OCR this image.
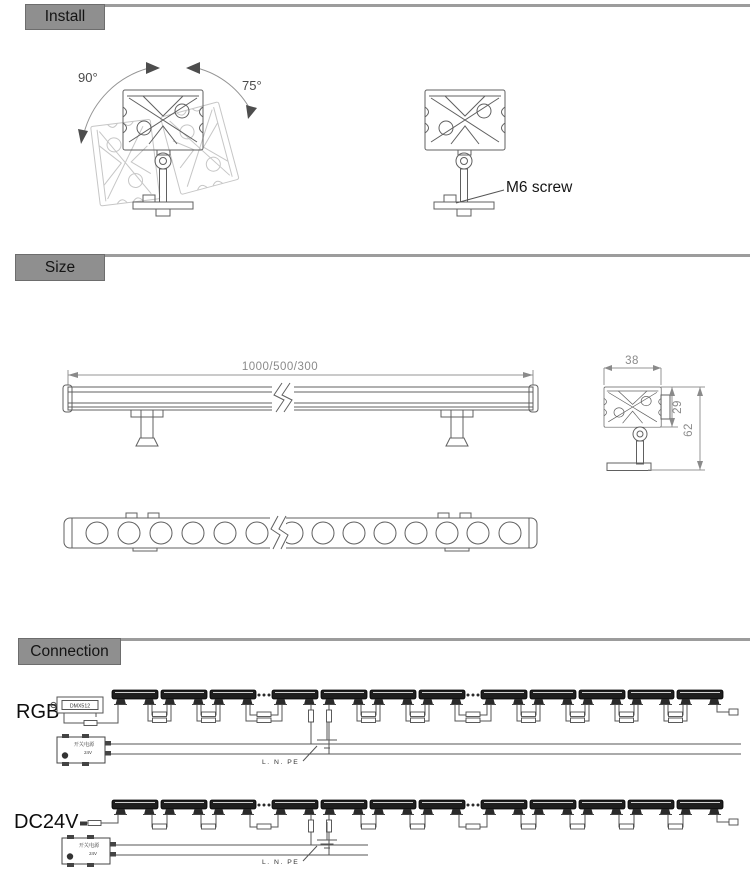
Install
90°
75°
M6 screw
Size
1000/500/300	38
29
62
Connection
RGB DMX512
开关电源
24V
L. N. PE
DC24V
开关电源
24V
L. N. PE
